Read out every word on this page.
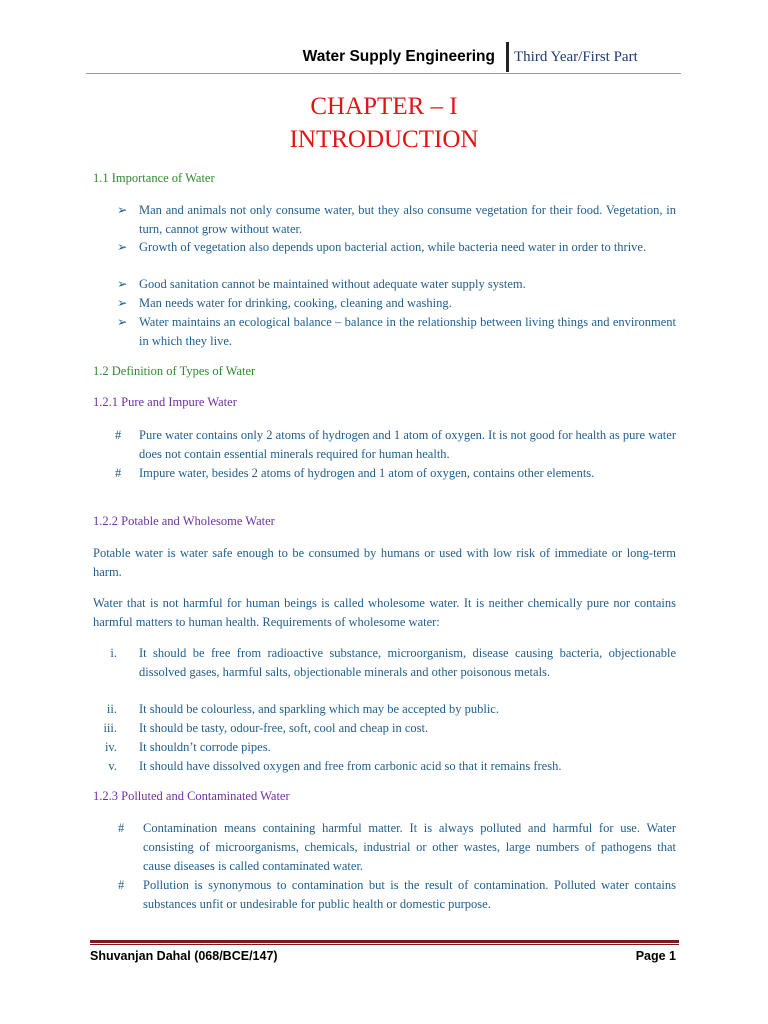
Water Supply Engineering Third Year/First Part
CHAPTER – I
INTRODUCTION
1.1 Importance of Water
➢ Man and animals not only consume water, but they also consume vegetation for their food. Vegetation, in turn, cannot grow without water.
➢ Growth of vegetation also depends upon bacterial action, while bacteria need water in order to thrive.
➢ Good sanitation cannot be maintained without adequate water supply system.
➢ Man needs water for drinking, cooking, cleaning and washing.
➢ Water maintains an ecological balance – balance in the relationship between living things and environment in which they live.
1.2 Definition of Types of Water
1.2.1 Pure and Impure Water
# Pure water contains only 2 atoms of hydrogen and 1 atom of oxygen. It is not good for health as pure water does not contain essential minerals required for human health.
# Impure water, besides 2 atoms of hydrogen and 1 atom of oxygen, contains other elements.
1.2.2 Potable and Wholesome Water
Potable water is water safe enough to be consumed by humans or used with low risk of immediate or long-term harm.
Water that is not harmful for human beings is called wholesome water. It is neither chemically pure nor contains harmful matters to human health. Requirements of wholesome water:
i. It should be free from radioactive substance, microorganism, disease causing bacteria, objectionable dissolved gases, harmful salts, objectionable minerals and other poisonous metals.
ii. It should be colourless, and sparkling which may be accepted by public.
iii. It should be tasty, odour-free, soft, cool and cheap in cost.
iv. It shouldn’t corrode pipes.
v. It should have dissolved oxygen and free from carbonic acid so that it remains fresh.
1.2.3 Polluted and Contaminated Water
# Contamination means containing harmful matter. It is always polluted and harmful for use. Water consisting of microorganisms, chemicals, industrial or other wastes, large numbers of pathogens that cause diseases is called contaminated water.
# Pollution is synonymous to contamination but is the result of contamination. Polluted water contains substances unfit or undesirable for public health or domestic purpose.
Shuvanjan Dahal (068/BCE/147)	Page 1
